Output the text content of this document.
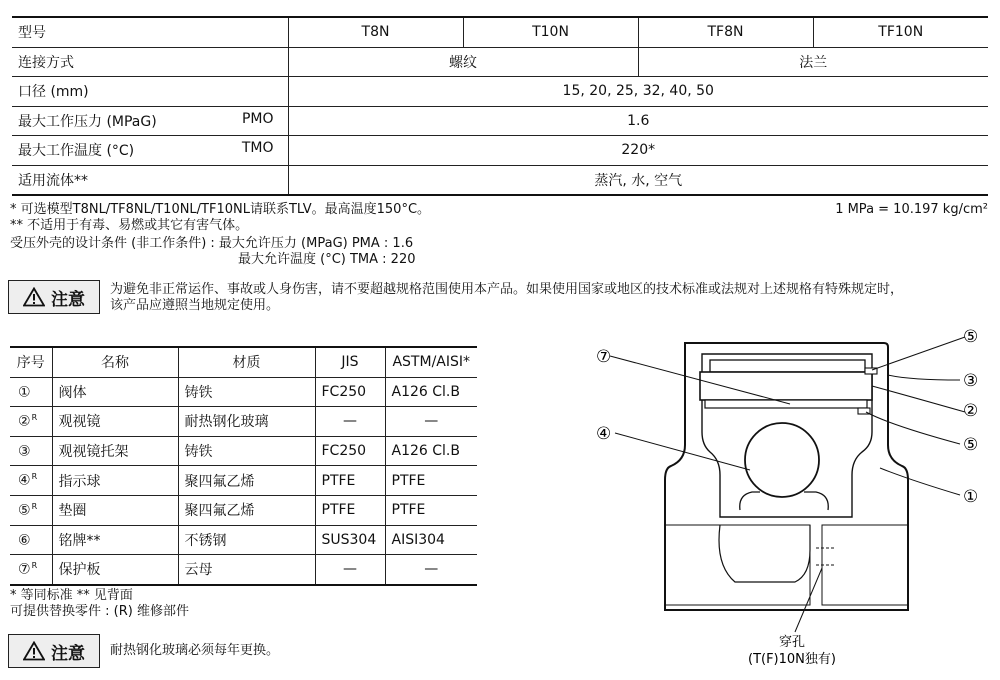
型号	T8N	T10N	TF8N	TF10N
连接方式	螺纹		法兰	
口径 (mm)	15, 20, 25, 32, 40, 50			

最大工作压力 (MPaG) PMO	1.6			

最大工作温度 (°C) TMO	220*			
适用流体**	蒸汽, 水, 空气			
* 可选模型T8NL/TF8NL/T10NL/TF10NL请联系TLV。最高温度150°C。	1 MPa = 10.197 kg/cm²
** 不适用于有毒、易燃或其它有害气体。
受压外壳的设计条件 (非工作条件) : 最大允许压力 (MPaG) PMA : 1.6
最大允许温度 (°C) TMA : 220
注意 为避免非正常运作、事故或人身伤害，请不要超越规格范围使用本产品。如果使用国家或地区的技术标准或法规对上述规格有特殊规定时，
该产品应遵照当地规定使用。
序号	名称	材质	JIS	ASTM/AISI*
①	阀体	铸铁	FC250	A126 Cl.B
②$^R$	观视镜	耐热钢化玻璃	—	—
③	观视镜托架	铸铁	FC250	A126 Cl.B
④$^R$	指示球	聚四氟乙烯	PTFE	PTFE
⑤$^R$	垫圈	聚四氟乙烯	PTFE	PTFE
⑥	铭牌**	不锈钢	SUS304	AISI304
⑦$^R$	保护板	云母	—	—
* 等同标准 ** 见背面
可提供替换零件 : (R) 维修部件
注意 耐热钢化玻璃必须每年更换。
⑦
④
⑤
③
②
⑤
①
穿孔
(T(F)10N独有)
